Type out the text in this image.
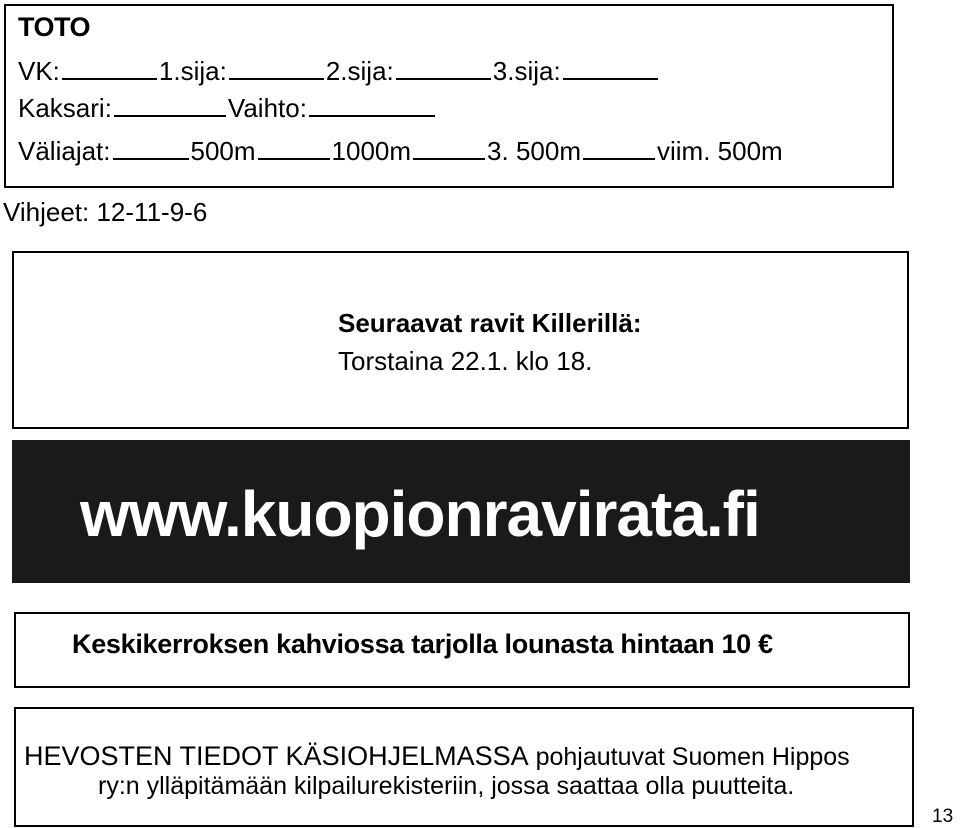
TOTO
VK:	1.sija:	2.sija:	3.sija:
Kaksari:	Vaihto:
Väliajat:	500m	1000m	3. 500m	viim. 500m
Vihjeet: 12-11-9-6
Seuraavat ravit Killerillä:
Torstaina 22.1. klo 18.
www.kuopionravirata.fi
Keskikerroksen kahviossa tarjolla lounasta hintaan 10 €
HEVOSTEN TIEDOT KÄSIOHJELMASSA pohjautuvat Suomen Hippos
ry:n ylläpitämään kilpailurekisteriin, jossa saattaa olla puutteita.
13
